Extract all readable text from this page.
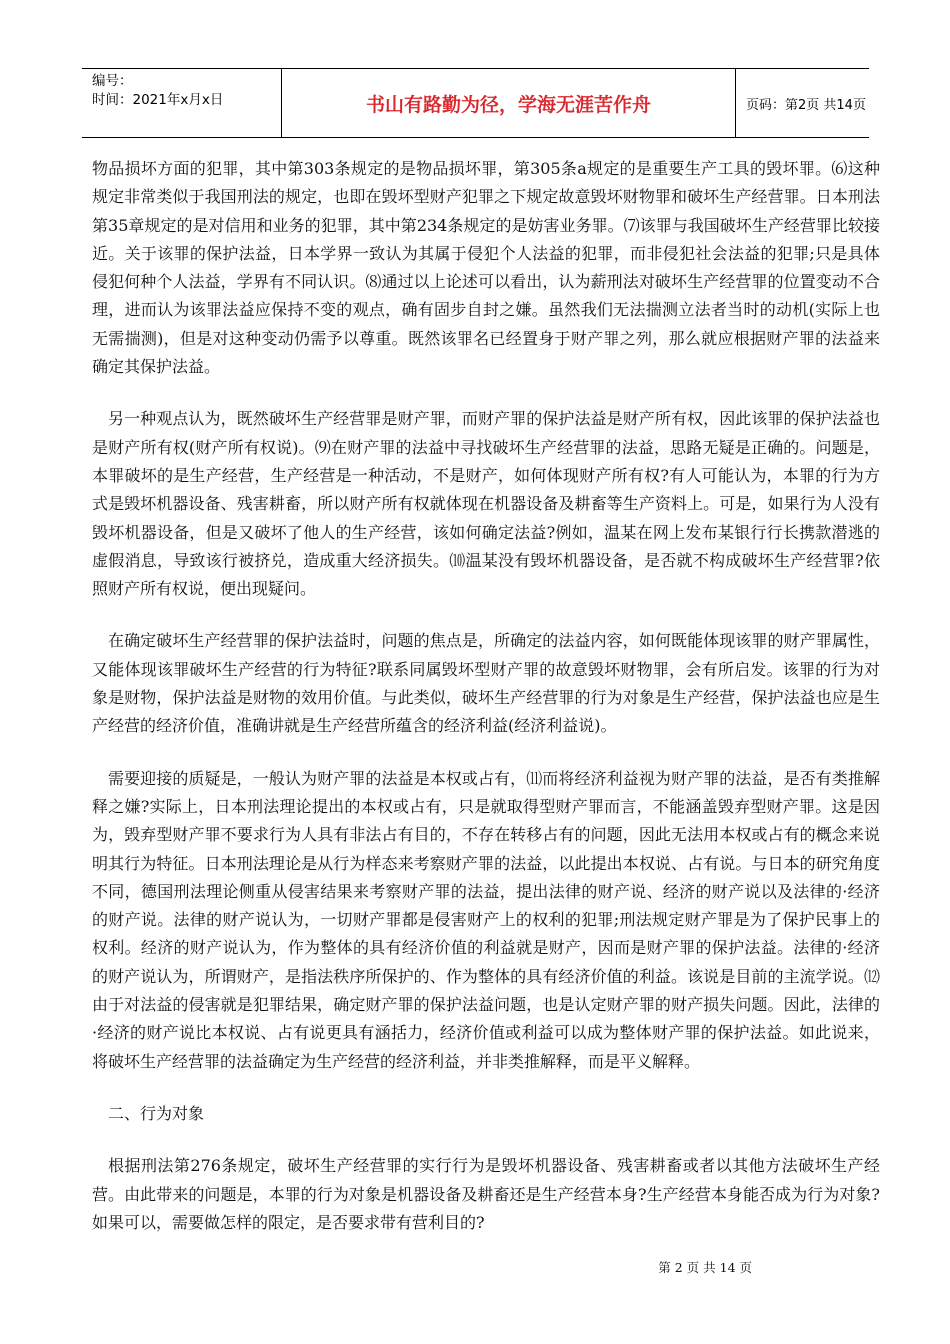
编号：
时间：2021年x月x日	书山有路勤为径，学海无涯苦作舟	页码：第2页 共14页

物品损坏方面的犯罪，其中第303条规定的是物品损坏罪，第305条a规定的是重要生产工具的毁坏罪。⑹这种规定非常类似于我国刑法的规定，也即在毁坏型财产犯罪之下规定故意毁坏财物罪和破坏生产经营罪。日本刑法第35章规定的是对信用和业务的犯罪，其中第234条规定的是妨害业务罪。⑺该罪与我国破坏生产经营罪比较接近。关于该罪的保护法益，日本学界一致认为其属于侵犯个人法益的犯罪，而非侵犯社会法益的犯罪;只是具体侵犯何种个人法益，学界有不同认识。⑻通过以上论述可以看出，认为薪刑法对破坏生产经营罪的位置变动不合理，进而认为该罪法益应保持不变的观点，确有固步自封之嫌。虽然我们无法揣测立法者当时的动机(实际上也无需揣测)，但是对这种变动仍需予以尊重。既然该罪名已经置身于财产罪之列，那么就应根据财产罪的法益来确定其保护法益。

另一种观点认为，既然破坏生产经营罪是财产罪，而财产罪的保护法益是财产所有权，因此该罪的保护法益也是财产所有权(财产所有权说)。⑼在财产罪的法益中寻找破坏生产经营罪的法益，思路无疑是正确的。问题是，本罪破坏的是生产经营，生产经营是一种活动，不是财产，如何体现财产所有权?有人可能认为，本罪的行为方式是毁坏机器设备、残害耕畜，所以财产所有权就体现在机器设备及耕畜等生产资料上。可是，如果行为人没有毁坏机器设备，但是又破坏了他人的生产经营，该如何确定法益?例如，温某在网上发布某银行行长携款潜逃的虚假消息，导致该行被挤兑，造成重大经济损失。⑽温某没有毁坏机器设备，是否就不构成破坏生产经营罪?依照财产所有权说，便出现疑问。

在确定破坏生产经营罪的保护法益时，问题的焦点是，所确定的法益内容，如何既能体现该罪的财产罪属性，又能体现该罪破坏生产经营的行为特征?联系同属毁坏型财产罪的故意毁坏财物罪，会有所启发。该罪的行为对象是财物，保护法益是财物的效用价值。与此类似，破坏生产经营罪的行为对象是生产经营，保护法益也应是生产经营的经济价值，准确讲就是生产经营所蕴含的经济利益(经济利益说)。

需要迎接的质疑是，一般认为财产罪的法益是本权或占有，⑾而将经济利益视为财产罪的法益，是否有类推解释之嫌?实际上，日本刑法理论提出的本权或占有，只是就取得型财产罪而言，不能涵盖毁弃型财产罪。这是因为，毁弃型财产罪不要求行为人具有非法占有目的，不存在转移占有的问题，因此无法用本权或占有的概念来说明其行为特征。日本刑法理论是从行为样态来考察财产罪的法益，以此提出本权说、占有说。与日本的研究角度不同，德国刑法理论侧重从侵害结果来考察财产罪的法益，提出法律的财产说、经济的财产说以及法律的·经济的财产说。法律的财产说认为，一切财产罪都是侵害财产上的权利的犯罪;刑法规定财产罪是为了保护民事上的权利。经济的财产说认为，作为整体的具有经济价值的利益就是财产，因而是财产罪的保护法益。法律的·经济的财产说认为，所谓财产，是指法秩序所保护的、作为整体的具有经济价值的利益。该说是目前的主流学说。⑿由于对法益的侵害就是犯罪结果，确定财产罪的保护法益问题，也是认定财产罪的财产损失问题。因此，法律的·经济的财产说比本权说、占有说更具有涵括力，经济价值或利益可以成为整体财产罪的保护法益。如此说来，将破坏生产经营罪的法益确定为生产经营的经济利益，并非类推解释，而是平义解释。

二、行为对象

根据刑法第276条规定，破坏生产经营罪的实行行为是毁坏机器设备、残害耕畜或者以其他方法破坏生产经营。由此带来的问题是，本罪的行为对象是机器设备及耕畜还是生产经营本身?生产经营本身能否成为行为对象?如果可以，需要做怎样的限定，是否要求带有营利目的?

第 2 页 共 14 页
